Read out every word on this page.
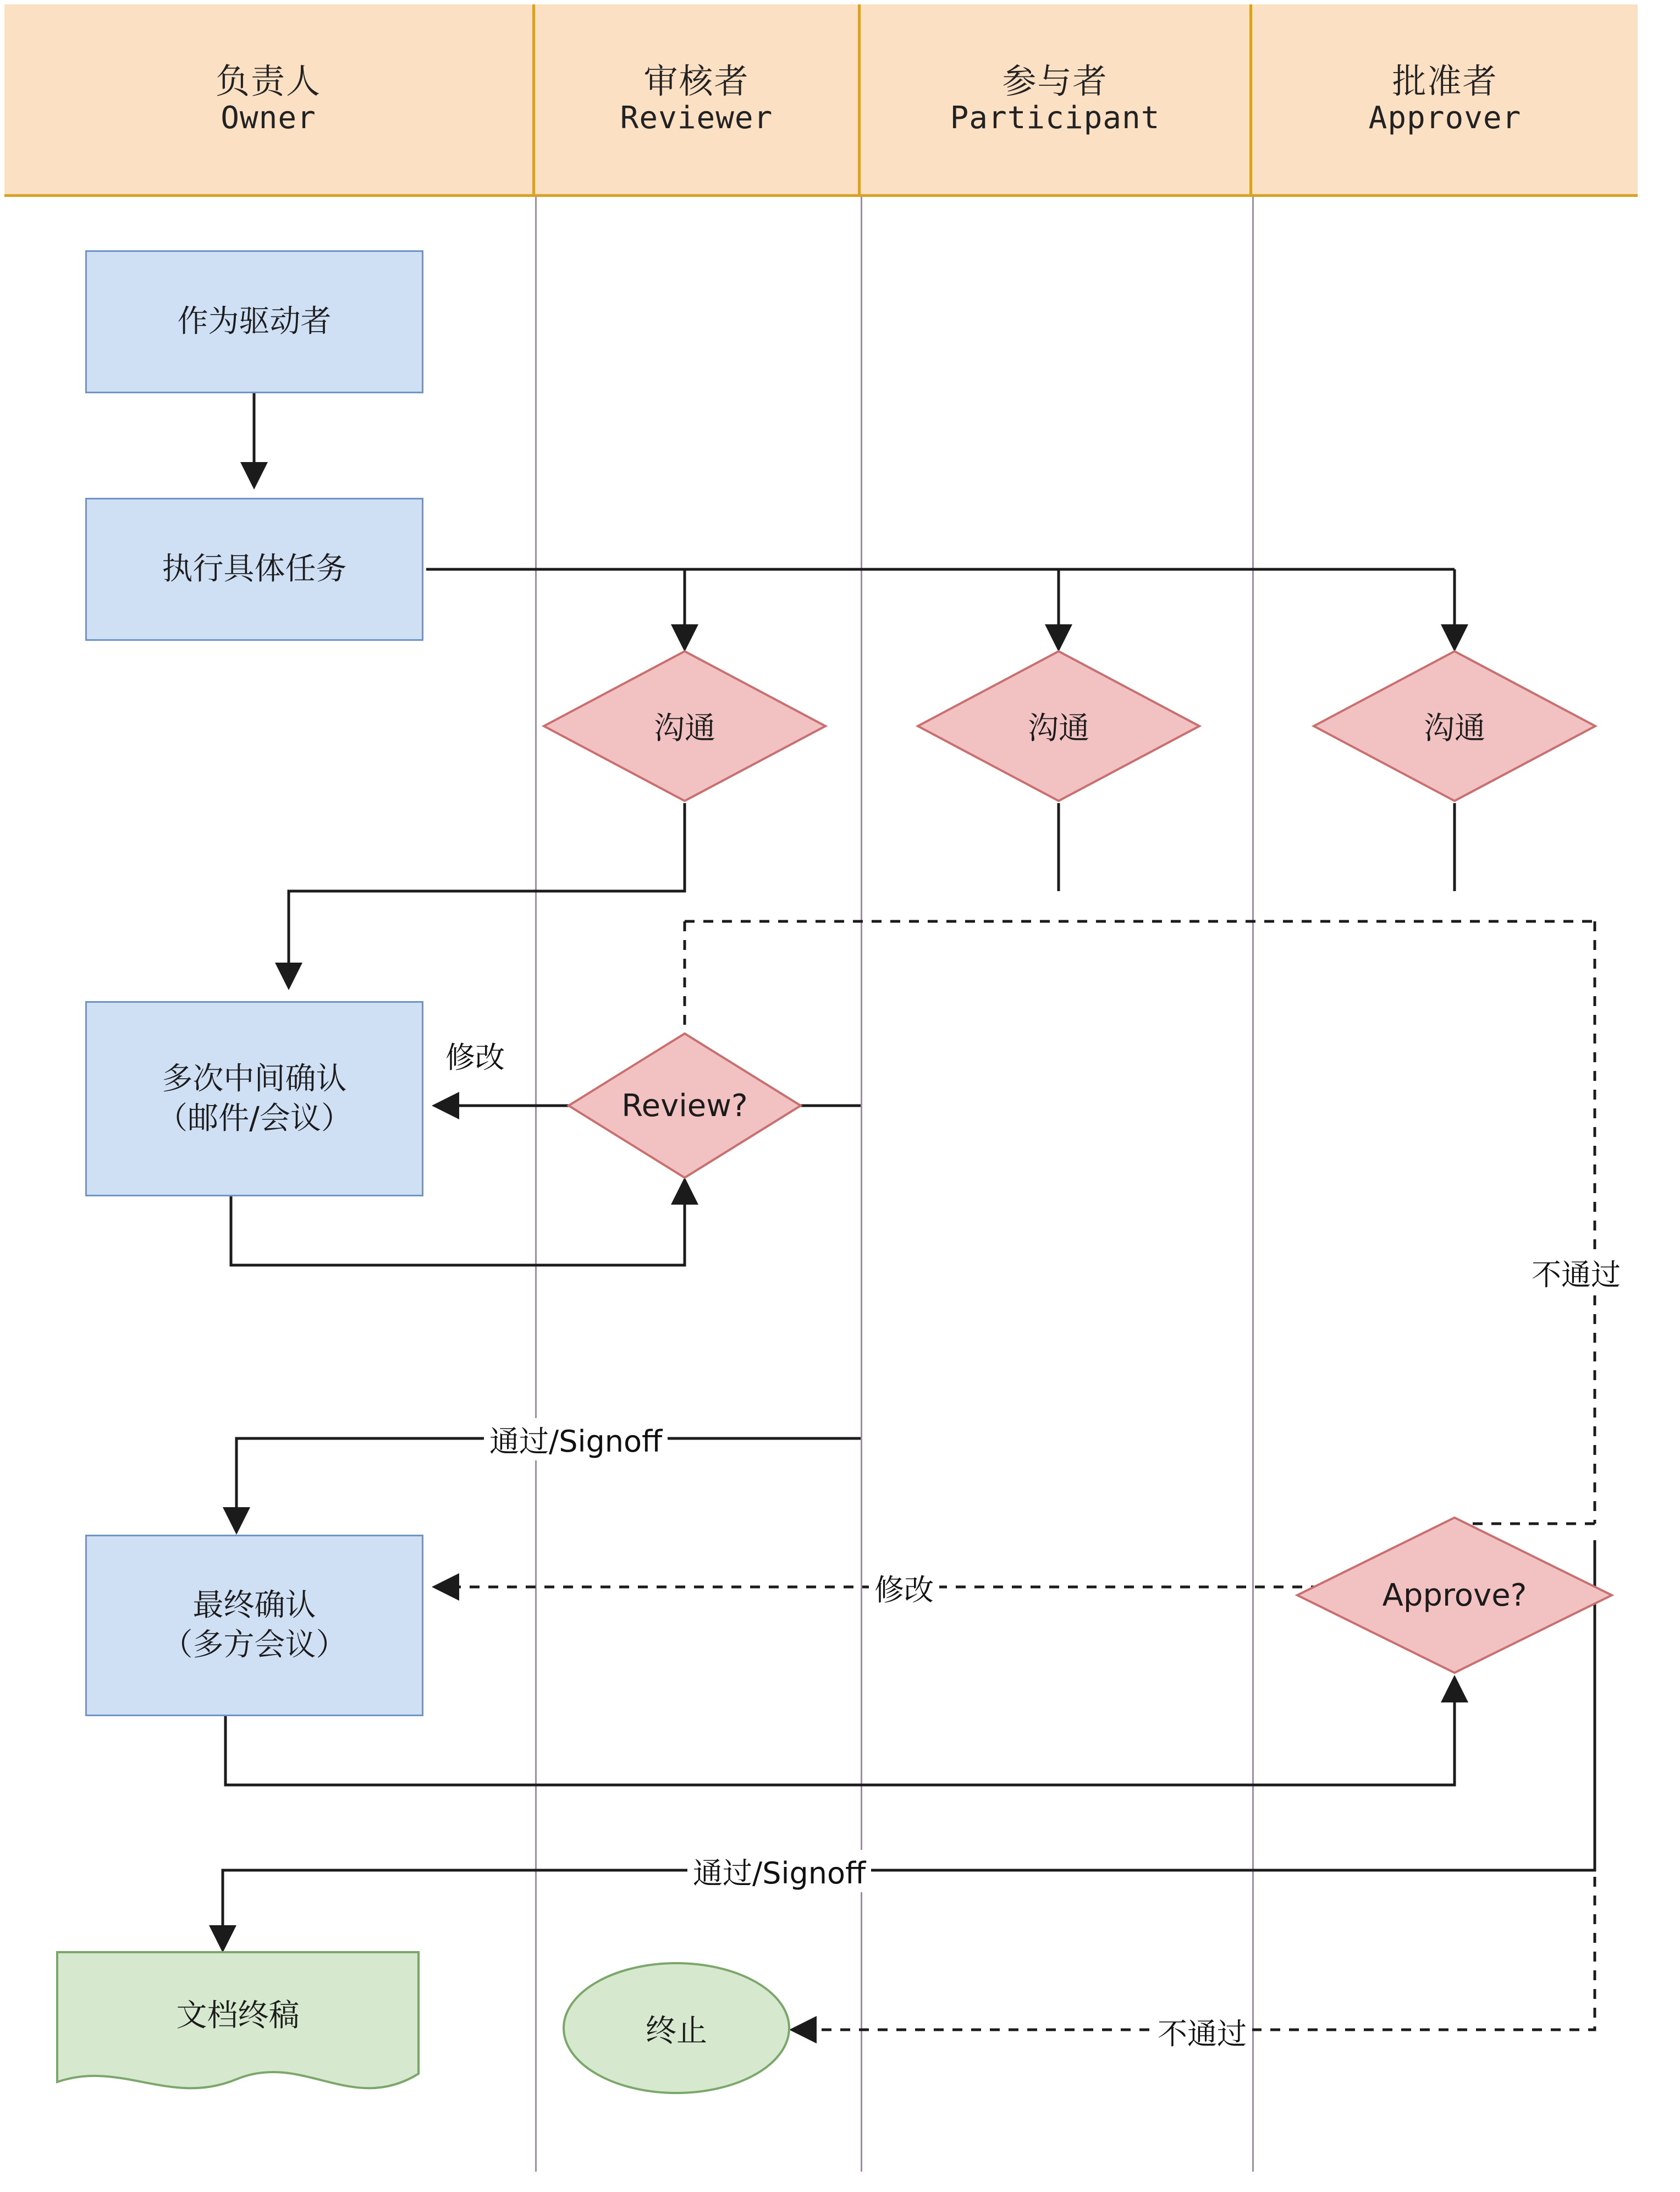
负责人
Owner
审核者
Reviewer
参与者
Participant
批准者
Approver
作为驱动者
执行具体任务
沟通	沟通	沟通
多次中间确认
（邮件/会议）	Review?
最终确认
（多方会议）
Approve?
文档终稿	终止
修改
通过/Signoff
修改
通过/Signoff
不通过
不通过
